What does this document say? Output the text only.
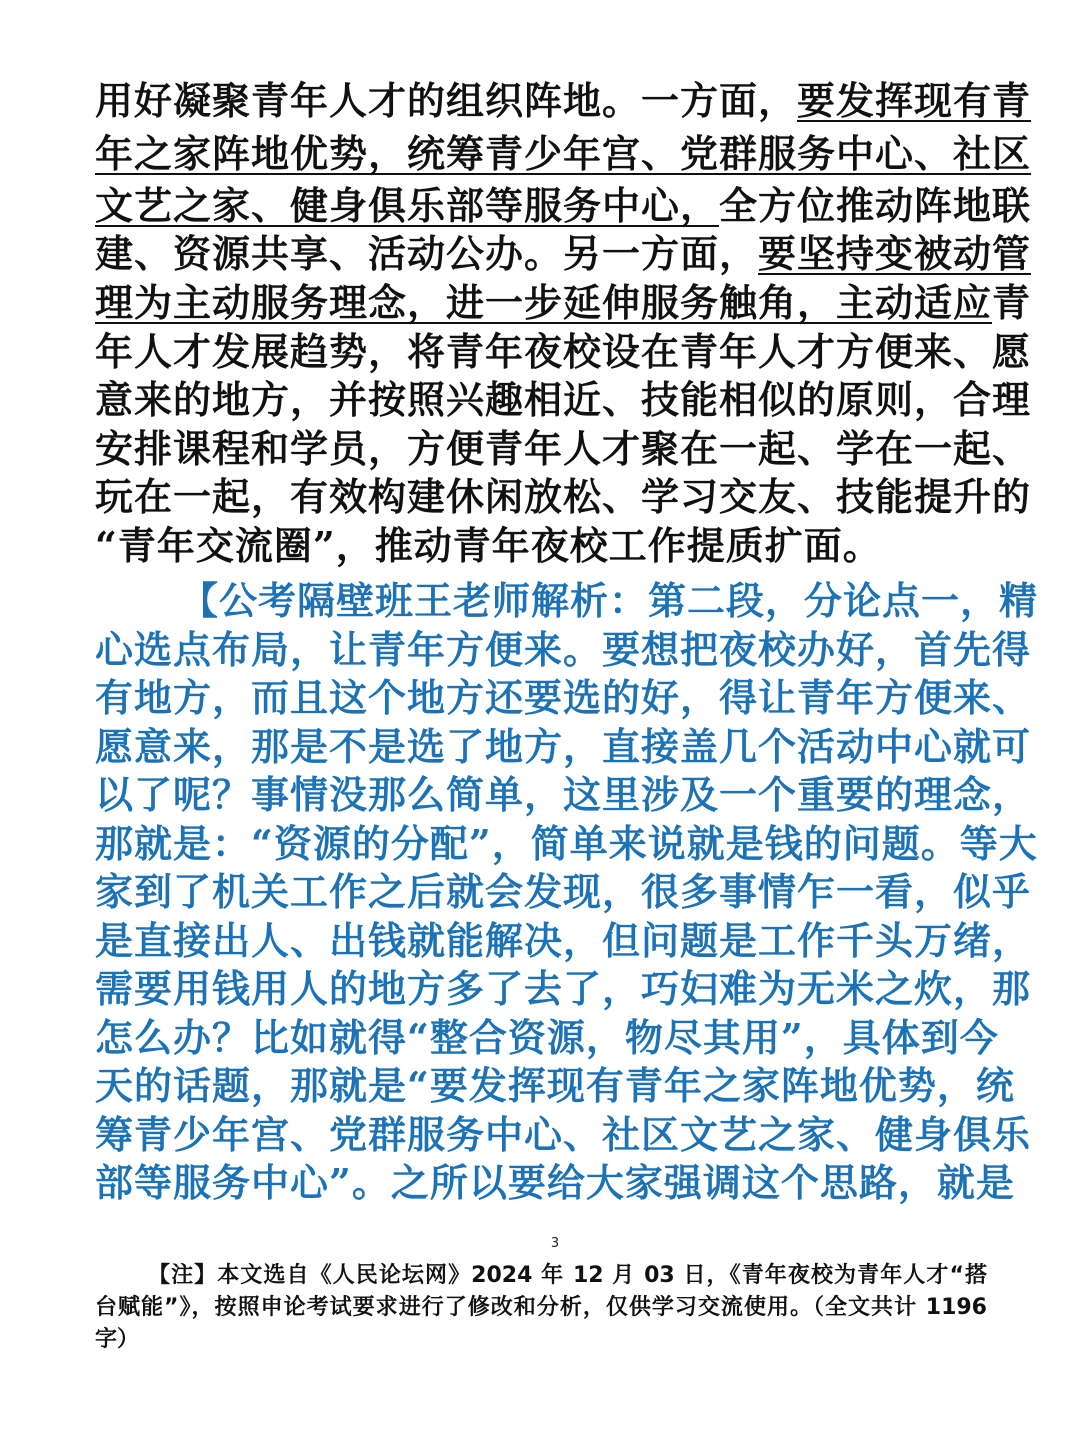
用好凝聚青年人才的组织阵地。一方面，要发挥现有青
年之家阵地优势，统筹青少年宫、党群服务中心、社区
文艺之家、健身俱乐部等服务中心，全方位推动阵地联
建、资源共享、活动公办。另一方面，要坚持变被动管
理为主动服务理念，进一步延伸服务触角，主动适应青
年人才发展趋势，将青年夜校设在青年人才方便来、愿
意来的地方，并按照兴趣相近、技能相似的原则，合理
安排课程和学员，方便青年人才聚在一起、学在一起、
玩在一起，有效构建休闲放松、学习交友、技能提升的
“青年交流圈”，推动青年夜校工作提质扩面。
【公考隔壁班王老师解析：第二段，分论点一，精
心选点布局，让青年方便来。要想把夜校办好，首先得
有地方，而且这个地方还要选的好，得让青年方便来、
愿意来，那是不是选了地方，直接盖几个活动中心就可
以了呢？事情没那么简单，这里涉及一个重要的理念，
那就是：“资源的分配”，简单来说就是钱的问题。等大
家到了机关工作之后就会发现，很多事情乍一看，似乎
是直接出人、出钱就能解决，但问题是工作千头万绪，
需要用钱用人的地方多了去了，巧妇难为无米之炊，那
怎么办？比如就得“整合资源，物尽其用”，具体到今
天的话题，那就是“要发挥现有青年之家阵地优势，统
筹青少年宫、党群服务中心、社区文艺之家、健身俱乐
部等服务中心”。之所以要给大家强调这个思路，就是
3
【注】本文选自《人民论坛网》2024 年 12 月 03 日，《青年夜校为青年人才“搭
台赋能”》，按照申论考试要求进行了修改和分析，仅供学习交流使用。（全文共计 1196
字）
